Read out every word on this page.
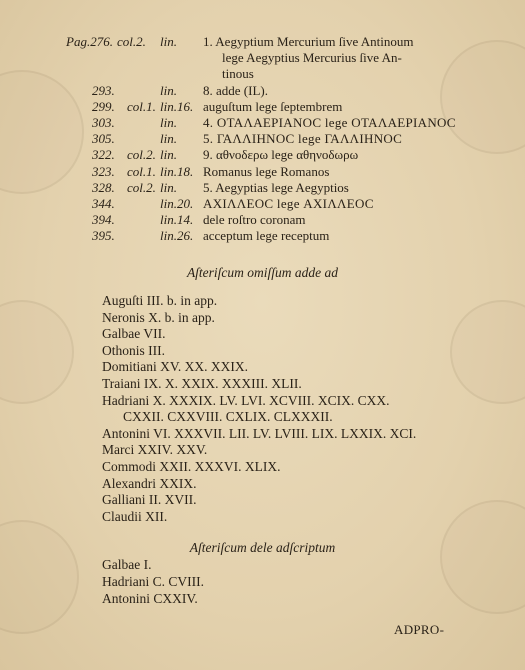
Pag.276. col.2. lin. 1. Aegyptium Mercurium ſive Antinoum
lege Aegyptius Mercurius ſive An-
tinous
293.	lin. 8. adde (IL).
299. col.1. lin.16. auguſtum lege ſeptembrem
303.	lin. 4. ΟΤΑΛΑΕΡΙΑΝΟϹ lege ΟΤΑΛΑΕΡΙΑΝΟϹ
305.	lin. 5. ΓΑΛΛΙΗΝΟϹ lege ΓΑΛΛΙΗΝΟϹ
322. col.2. lin. 9. αθνοδερω lege αθηνοδωρω
323. col.1. lin.18. Romanus lege Romanos
328. col.2. lin. 5. Aegyptias lege Aegyptios
344.	lin.20. ΑΧΙΛΛΕΟϹ lege ΑΧΙΛΛΕΟϹ
394.	lin.14. dele roſtro coronam
395.	lin.26. acceptum lege receptum
Aſteriſcum omiſſum adde ad
Auguſti III. b. in app.
Neronis X. b. in app.
Galbae VII.
Othonis III.
Domitiani XV. XX. XXIX.
Traiani IX. X. XXIX. XXXIII. XLII.
Hadriani X. XXXIX. LV. LVI. XCVIII. XCIX. CXX.
CXXII. CXXVIII. CXLIX. CLXXXII.
Antonini VI. XXXVII. LII. LV. LVIII. LIX. LXXIX. XCI.
Marci XXIV. XXV.
Commodi XXII. XXXVI. XLIX.
Alexandri XXIX.
Galliani II. XVII.
Claudii XII.
Aſteriſcum dele adſcriptum
Galbae I.
Hadriani C. CVIII.
Antonini CXXIV.
ADPRO-
